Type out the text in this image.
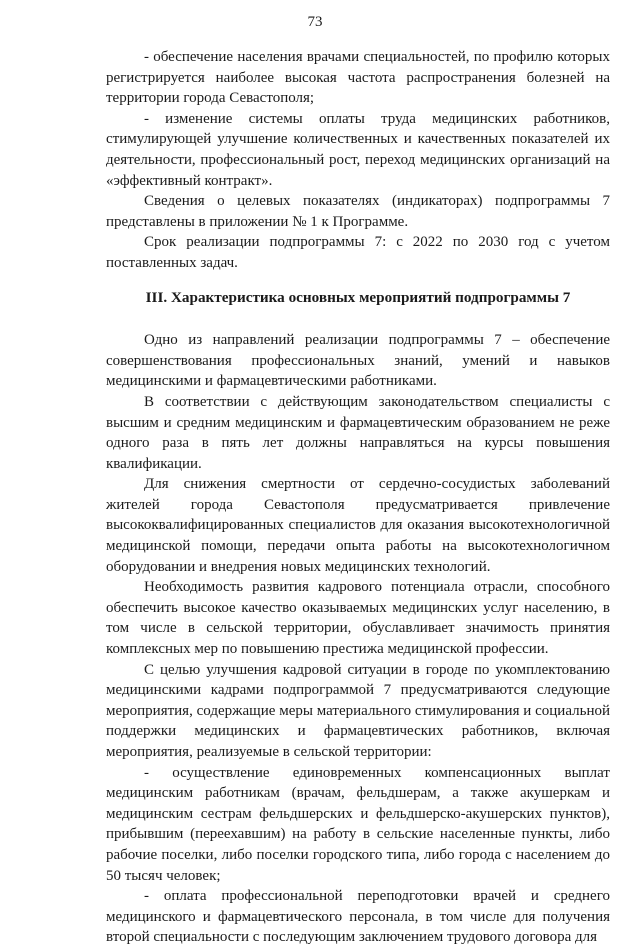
73

- обеспечение населения врачами специальностей, по профилю которых регистрируется наиболее высокая частота распространения болезней на территории города Севастополя;

- изменение системы оплаты труда медицинских работников, стимулирующей улучшение количественных и качественных показателей их деятельности, профессиональный рост, переход медицинских организаций на «эффективный контракт».

Сведения о целевых показателях (индикаторах) подпрограммы 7 представлены в приложении № 1 к Программе.

Срок реализации подпрограммы 7: с 2022 по 2030 год с учетом поставленных задач.

III. Характеристика основных мероприятий подпрограммы 7

Одно из направлений реализации подпрограммы 7 – обеспечение совершенствования профессиональных знаний, умений и навыков медицинскими и фармацевтическими работниками.

В соответствии с действующим законодательством специалисты с высшим и средним медицинским и фармацевтическим образованием не реже одного раза в пять лет должны направляться на курсы повышения квалификации.

Для снижения смертности от сердечно-сосудистых заболеваний жителей города Севастополя предусматривается привлечение высококвалифицированных специалистов для оказания высокотехнологичной медицинской помощи, передачи опыта работы на высокотехнологичном оборудовании и внедрения новых медицинских технологий.

Необходимость развития кадрового потенциала отрасли, способного обеспечить высокое качество оказываемых медицинских услуг населению, в том числе в сельской территории, обуславливает значимость принятия комплексных мер по повышению престижа медицинской профессии.

С целью улучшения кадровой ситуации в городе по укомплектованию медицинскими кадрами подпрограммой 7 предусматриваются следующие мероприятия, содержащие меры материального стимулирования и социальной поддержки медицинских и фармацевтических работников, включая мероприятия, реализуемые в сельской территории:

- осуществление единовременных компенсационных выплат медицинским работникам (врачам, фельдшерам, а также акушеркам и медицинским сестрам фельдшерских и фельдшерско-акушерских пунктов), прибывшим (переехавшим) на работу в сельские населенные пункты, либо рабочие поселки, либо поселки городского типа, либо города с населением до 50 тысяч человек;

- оплата профессиональной переподготовки врачей и среднего медицинского и фармацевтического персонала, в том числе для получения второй специальности с последующим заключением трудового договора для
